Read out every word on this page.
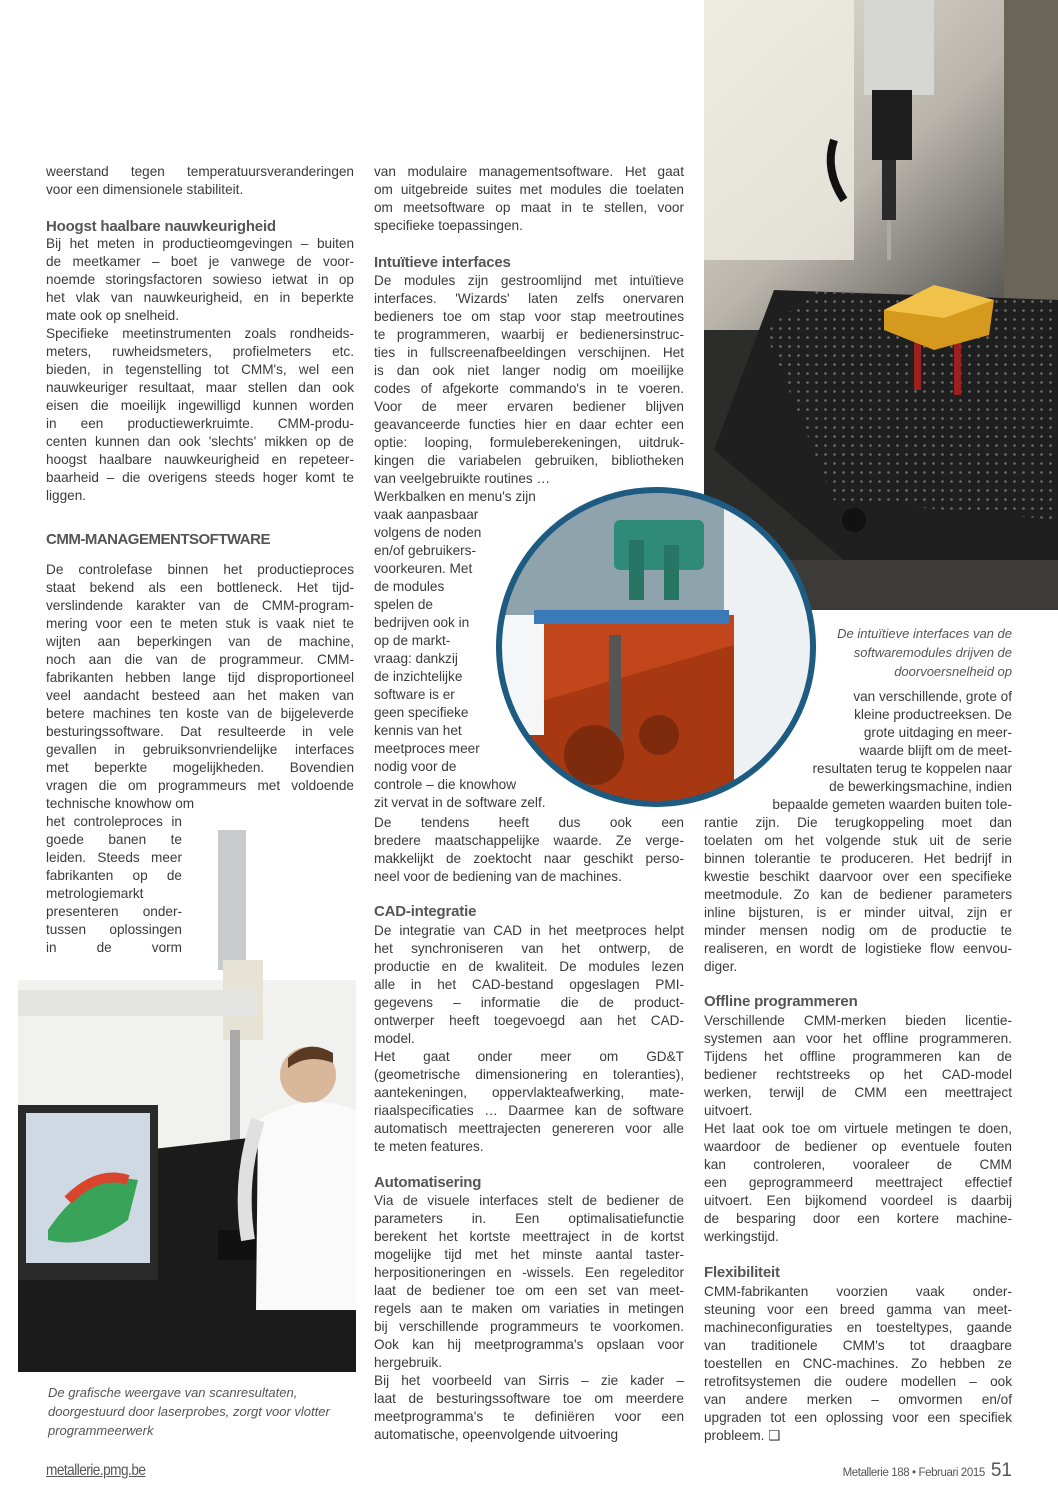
weerstand tegen temperatuursveranderingen
voor een dimensionele stabiliteit.
Hoogst haalbare nauwkeurigheid
Bij het meten in productieomgevingen – buiten
de meetkamer – boet je vanwege de voor-
noemde storingsfactoren sowieso ietwat in op
het vlak van nauwkeurigheid, en in beperkte
mate ook op snelheid.
Specifieke meetinstrumenten zoals rondheids-
meters, ruwheidsmeters, profielmeters etc.
bieden, in tegenstelling tot CMM's, wel een
nauwkeuriger resultaat, maar stellen dan ook
eisen die moeilijk ingewilligd kunnen worden
in een productiewerkruimte. CMM-produ-
centen kunnen dan ook 'slechts' mikken op de
hoogst haalbare nauwkeurigheid en repeteer-
baarheid – die overigens steeds hoger komt te
liggen.
CMM-MANAGEMENTSOFTWARE
De controlefase binnen het productieproces
staat bekend als een bottleneck. Het tijd-
verslindende karakter van de CMM-program-
mering voor een te meten stuk is vaak niet te
wijten aan beperkingen van de machine,
noch aan die van de programmeur. CMM-
fabrikanten hebben lange tijd disproportioneel
veel aandacht besteed aan het maken van
betere machines ten koste van de bijgeleverde
besturingssoftware. Dat resulteerde in vele
gevallen in gebruiksonvriendelijke interfaces
met beperkte mogelijkheden. Bovendien
vragen die om programmeurs met voldoende
technische knowhow om
het controleproces in
goede banen te
leiden. Steeds meer
fabrikanten op de
metrologiemarkt
presenteren onder-
tussen oplossingen
in de vorm
De grafische weergave van scanresultaten,
doorgestuurd door laserprobes, zorgt voor vlotter
programmeerwerk
van modulaire managementsoftware. Het gaat
om uitgebreide suites met modules die toelaten
om meetsoftware op maat in te stellen, voor
specifieke toepassingen.
Intuïtieve interfaces
De modules zijn gestroomlijnd met intuïtieve
interfaces. 'Wizards' laten zelfs onervaren
bedieners toe om stap voor stap meetroutines
te programmeren, waarbij er bedienersinstruc-
ties in fullscreenafbeeldingen verschijnen. Het
is dan ook niet langer nodig om moeilijke
codes of afgekorte commando's in te voeren.
Voor de meer ervaren bediener blijven
geavanceerde functies hier en daar echter een
optie: looping, formuleberekeningen, uitdruk-
kingen die variabelen gebruiken, bibliotheken
van veelgebruikte routines …
Werkbalken en menu's zijn
vaak aanpasbaar
volgens de noden
en/of gebruikers-
voorkeuren. Met
de modules
spelen de
bedrijven ook in
op de markt-
vraag: dankzij
de inzichtelijke
software is er
geen specifieke
kennis van het
meetproces meer
nodig voor de
controle – die knowhow
zit vervat in de software zelf.
De tendens heeft dus ook een
bredere maatschappelijke waarde. Ze verge-
makkelijkt de zoektocht naar geschikt perso-
neel voor de bediening van de machines.
CAD-integratie
De integratie van CAD in het meetproces helpt
het synchroniseren van het ontwerp, de
productie en de kwaliteit. De modules lezen
alle in het CAD-bestand opgeslagen PMI-
gegevens – informatie die de product-
ontwerper heeft toegevoegd aan het CAD-
model.
Het gaat onder meer om GD&T
(geometrische dimensionering en toleranties),
aantekeningen, oppervlakteafwerking, mate-
riaalspecificaties … Daarmee kan de software
automatisch meettrajecten genereren voor alle
te meten features.
Automatisering
Via de visuele interfaces stelt de bediener de
parameters in. Een optimalisatiefunctie
berekent het kortste meettraject in de kortst
mogelijke tijd met het minste aantal taster-
herpositioneringen en -wissels. Een regeleditor
laat de bediener toe om een set van meet-
regels aan te maken om variaties in metingen
bij verschillende programmeurs te voorkomen.
Ook kan hij meetprogramma's opslaan voor
hergebruik.
Bij het voorbeeld van Sirris – zie kader –
laat de besturingssoftware toe om meerdere
meetprogramma's te definiëren voor een
automatische, opeenvolgende uitvoering
De intuïtieve interfaces van de
softwaremodules drijven de
doorvoersnelheid op
van verschillende, grote of
kleine productreeksen. De
grote uitdaging en meer-
waarde blijft om de meet-
resultaten terug te koppelen naar
de bewerkingsmachine, indien
bepaalde gemeten waarden buiten tole-
rantie zijn. Die terugkoppeling moet dan
toelaten om het volgende stuk uit de serie
binnen tolerantie te produceren. Het bedrijf in
kwestie beschikt daarvoor over een specifieke
meetmodule. Zo kan de bediener parameters
inline bijsturen, is er minder uitval, zijn er
minder mensen nodig om de productie te
realiseren, en wordt de logistieke flow eenvou-
diger.
Offline programmeren
Verschillende CMM-merken bieden licentie-
systemen aan voor het offline programmeren.
Tijdens het offline programmeren kan de
bediener rechtstreeks op het CAD-model
werken, terwijl de CMM een meettraject
uitvoert.
Het laat ook toe om virtuele metingen te doen,
waardoor de bediener op eventuele fouten
kan controleren, vooraleer de CMM
een geprogrammeerd meettraject effectief
uitvoert. Een bijkomend voordeel is daarbij
de besparing door een kortere machine-
werkingstijd.
Flexibiliteit
CMM-fabrikanten voorzien vaak onder-
steuning voor een breed gamma van meet-
machineconfiguraties en toesteltypes, gaande
van traditionele CMM's tot draagbare
toestellen en CNC-machines. Zo hebben ze
retrofitsystemen die oudere modellen – ook
van andere merken – omvormen en/of
upgraden tot een oplossing voor een specifiek
probleem. ❑
metallerie.pmg.be	Metallerie 188 • Februari 2015 51
